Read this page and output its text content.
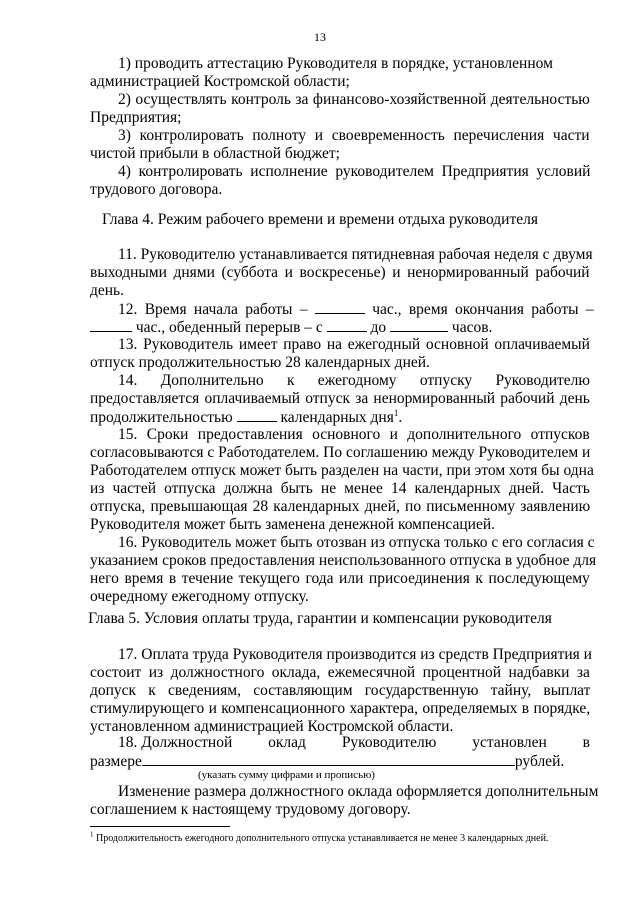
13
1) проводить аттестацию Руководителя в порядке, установленном
администрацией Костромской области;
2) осуществлять контроль за финансово-хозяйственной деятельностью
Предприятия;
3) контролировать полноту и своевременность перечисления части
чистой прибыли в областной бюджет;
4) контролировать исполнение руководителем Предприятия условий
трудового договора.
Глава 4. Режим рабочего времени и времени отдыха руководителя
11. Руководителю устанавливается пятидневная рабочая неделя с двумя
выходными днями (суббота и воскресенье) и ненормированный рабочий
день.
12. Время начала работы –	час., время окончания работы –
час., обеденный перерыв – с	до	часов.
13. Руководитель имеет право на ежегодный основной оплачиваемый
отпуск продолжительностью 28 календарных дней.
14. Дополнительно к ежегодному отпуску Руководителю
предоставляется оплачиваемый отпуск за ненормированный рабочий день
продолжительностью	календарных дня$^1$.
15. Сроки предоставления основного и дополнительного отпусков
согласовываются с Работодателем. По соглашению между Руководителем и
Работодателем отпуск может быть разделен на части, при этом хотя бы одна
из частей отпуска должна быть не менее 14 календарных дней. Часть
отпуска, превышающая 28 календарных дней, по письменному заявлению
Руководителя может быть заменена денежной компенсацией.
16. Руководитель может быть отозван из отпуска только с его согласия с
указанием сроков предоставления неиспользованного отпуска в удобное для
него время в течение текущего года или присоединения к последующему
очередному ежегодному отпуску.
Глава 5. Условия оплаты труда, гарантии и компенсации руководителя
17. Оплата труда Руководителя производится из средств Предприятия и
состоит из должностного оклада, ежемесячной процентной надбавки за
допуск к сведениям, составляющим государственную тайну, выплат
стимулирующего и компенсационного характера, определяемых в порядке,
установленном администрацией Костромской области.
18. Должностной оклад Руководителю установлен в
размере	рублей.
(указать сумму цифрами и прописью)
Изменение размера должностного оклада оформляется дополнительным
соглашением к настоящему трудовому договору.
$^1$ Продолжительность ежегодного дополнительного отпуска устанавливается не менее 3 календарных дней.
